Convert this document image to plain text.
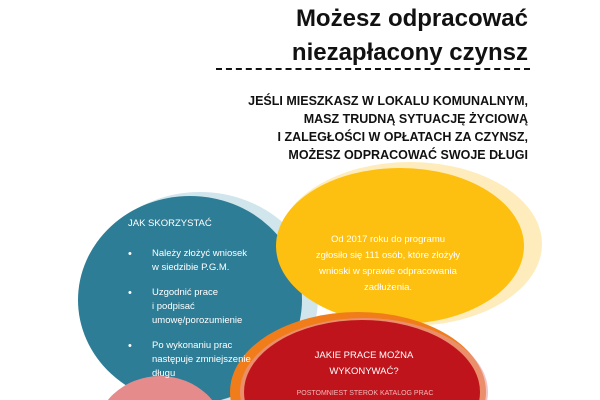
Możesz odpracować
niezapłacony czynsz
JEŚLI MIESZKASZ W LOKALU KOMUNALNYM,
MASZ TRUDNĄ SYTUACJĘ ŻYCIOWĄ
I ZALEGŁOŚCI W OPŁATACH ZA CZYNSZ,
MOŻESZ ODPRACOWAĆ SWOJE DŁUGI
JAK SKORZYSTAĆ
• Należy złożyć wniosek
w siedzibie P.G.M.
• Uzgodnić prace
i podpisać
umowę/porozumienie
• Po wykonaniu prac
następuje zmniejszenie
długu
Od 2017 roku do programu
zgłosiło się 111 osób, które złożyły
wnioski w sprawie odpracowania
zadłużenia.
JAKIE PRACE MOŻNA
WYKONYWAĆ?
POSTOMNIEST STEROK KATALOG PRAC
